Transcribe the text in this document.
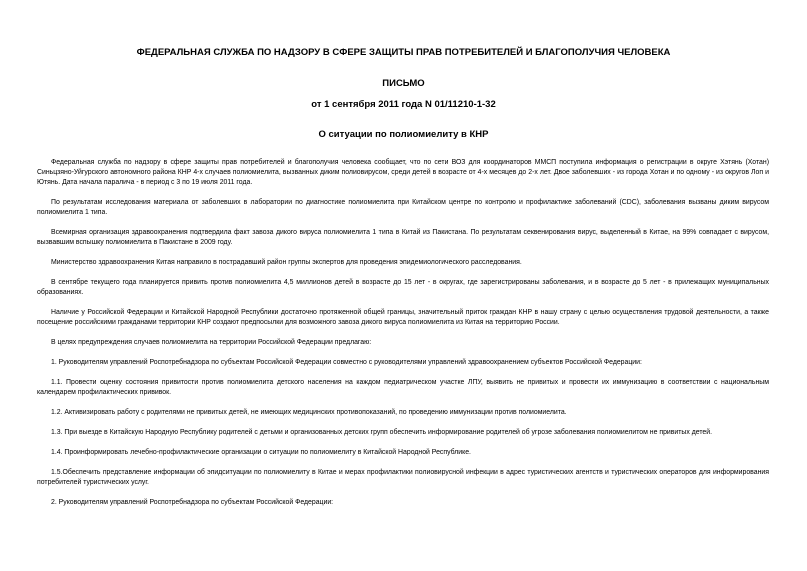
ФЕДЕРАЛЬНАЯ СЛУЖБА ПО НАДЗОРУ В СФЕРЕ ЗАЩИТЫ ПРАВ ПОТРЕБИТЕЛЕЙ И БЛАГОПОЛУЧИЯ ЧЕЛОВЕКА
ПИСЬМО
от 1 сентября 2011 года N 01/11210-1-32
О ситуации по полиомиелиту в КНР

Федеральная служба по надзору в сфере защиты прав потребителей и благополучия человека сообщает, что по сети ВОЗ для координаторов ММСП поступила информация о регистрации в округе Хэтянь (Хотан) Синьцзяно-Уйгурского автономного района КНР 4-х случаев полиомиелита, вызванных диким полиовирусом, среди детей в возрасте от 4-х месяцев до 2-х лет. Двое заболевших - из города Хотан и по одному - из округов Лоп и Ютянь. Дата начала паралича - в период с 3 по 19 июля 2011 года.

По результатам исследования материала от заболевших в лаборатории по диагностике полиомиелита при Китайском центре по контролю и профилактике заболеваний (CDC), заболевания вызваны диким вирусом полиомиелита 1 типа.

Всемирная организация здравоохранения подтвердила факт завоза дикого вируса полиомиелита 1 типа в Китай из Пакистана. По результатам секвенирования вирус, выделенный в Китае, на 99% совпадает с вирусом, вызвавшим вспышку полиомиелита в Пакистане в 2009 году.

Министерство здравоохранения Китая направило в пострадавший район группы экспертов для проведения эпидемиологического расследования.

В сентябре текущего года планируется привить против полиомиелита 4,5 миллионов детей в возрасте до 15 лет - в округах, где зарегистрированы заболевания, и в возрасте до 5 лет - в прилежащих муниципальных образованиях.

Наличие у Российской Федерации и Китайской Народной Республики достаточно протяженной общей границы, значительный приток граждан КНР в нашу страну с целью осуществления трудовой деятельности, а также посещение российскими гражданами территории КНР создают предпосылки для возможного завоза дикого вируса полиомиелита из Китая на территорию России.

В целях предупреждения случаев полиомиелита на территории Российской Федерации предлагаю:

1. Руководителям управлений Роспотребнадзора по субъектам Российской Федерации совместно с руководителями управлений здравоохранением субъектов Российской Федерации:

1.1. Провести оценку состояния привитости против полиомиелита детского населения на каждом педиатрическом участке ЛПУ, выявить не привитых и провести их иммунизацию в соответствии с национальным календарем профилактических прививок.

1.2. Активизировать работу с родителями не привитых детей, не имеющих медицинских противопоказаний, по проведению иммунизации против полиомиелита.

1.3. При выезде в Китайскую Народную Республику родителей с детьми и организованных детских групп обеспечить информирование родителей об угрозе заболевания полиомиелитом не привитых детей.

1.4. Проинформировать лечебно-профилактические организации о ситуации по полиомиелиту в Китайской Народной Республике.

1.5.Обеспечить представление информации об эпидситуации по полиомиелиту в Китае и мерах профилактики полиовирусной инфекции в адрес туристических агентств и туристических операторов для информирования потребителей туристических услуг.

2. Руководителям управлений Роспотребнадзора по субъектам Российской Федерации:
